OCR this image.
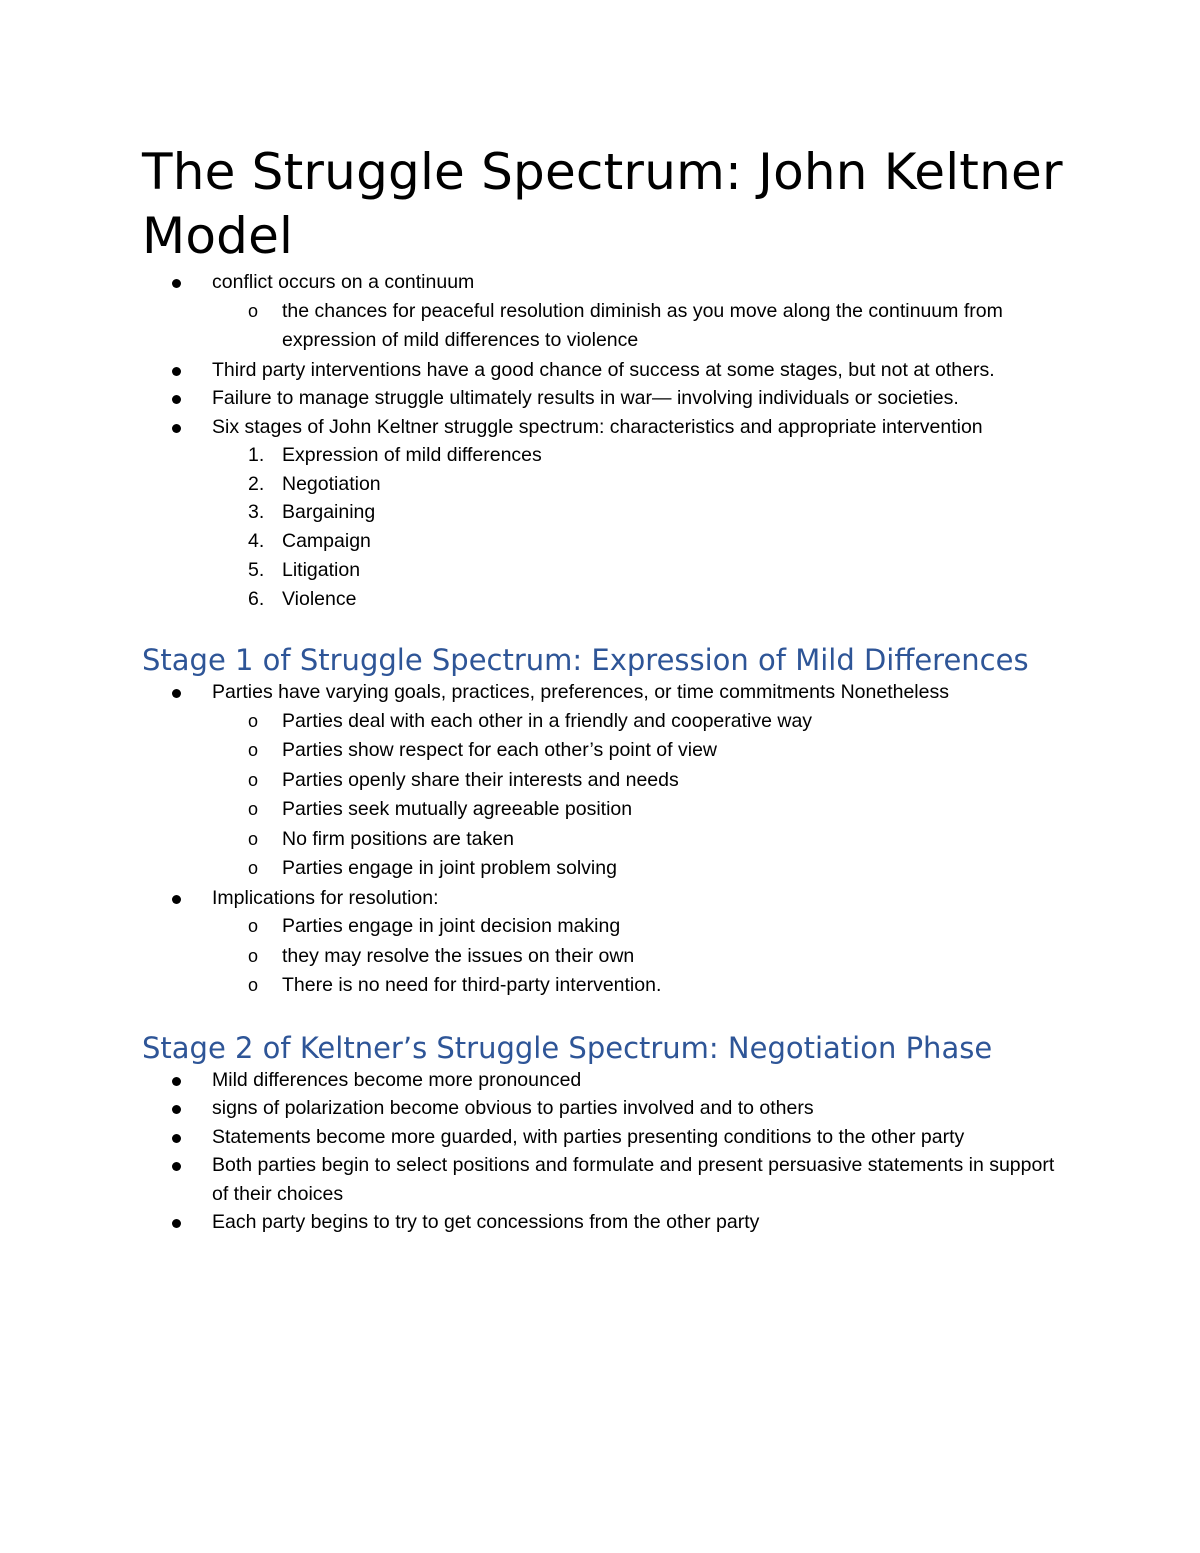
The Struggle Spectrum: John Keltner Model
conflict occurs on a continuum
o the chances for peaceful resolution diminish as you move along the continuum from expression of mild differences to violence
Third party interventions have a good chance of success at some stages, but not at others.
Failure to manage struggle ultimately results in war— involving individuals or societies.
Six stages of John Keltner struggle spectrum: characteristics and appropriate intervention
1. Expression of mild differences
2. Negotiation
3. Bargaining
4. Campaign
5. Litigation
6. Violence
Stage 1 of Struggle Spectrum: Expression of Mild Differences
Parties have varying goals, practices, preferences, or time commitments Nonetheless
o Parties deal with each other in a friendly and cooperative way
o Parties show respect for each other’s point of view
o Parties openly share their interests and needs
o Parties seek mutually agreeable position
o No firm positions are taken
o Parties engage in joint problem solving
Implications for resolution:
o Parties engage in joint decision making
o they may resolve the issues on their own
o There is no need for third-party intervention.
Stage 2 of Keltner’s Struggle Spectrum: Negotiation Phase
Mild differences become more pronounced
signs of polarization become obvious to parties involved and to others
Statements become more guarded, with parties presenting conditions to the other party
Both parties begin to select positions and formulate and present persuasive statements in support of their choices
Each party begins to try to get concessions from the other party
